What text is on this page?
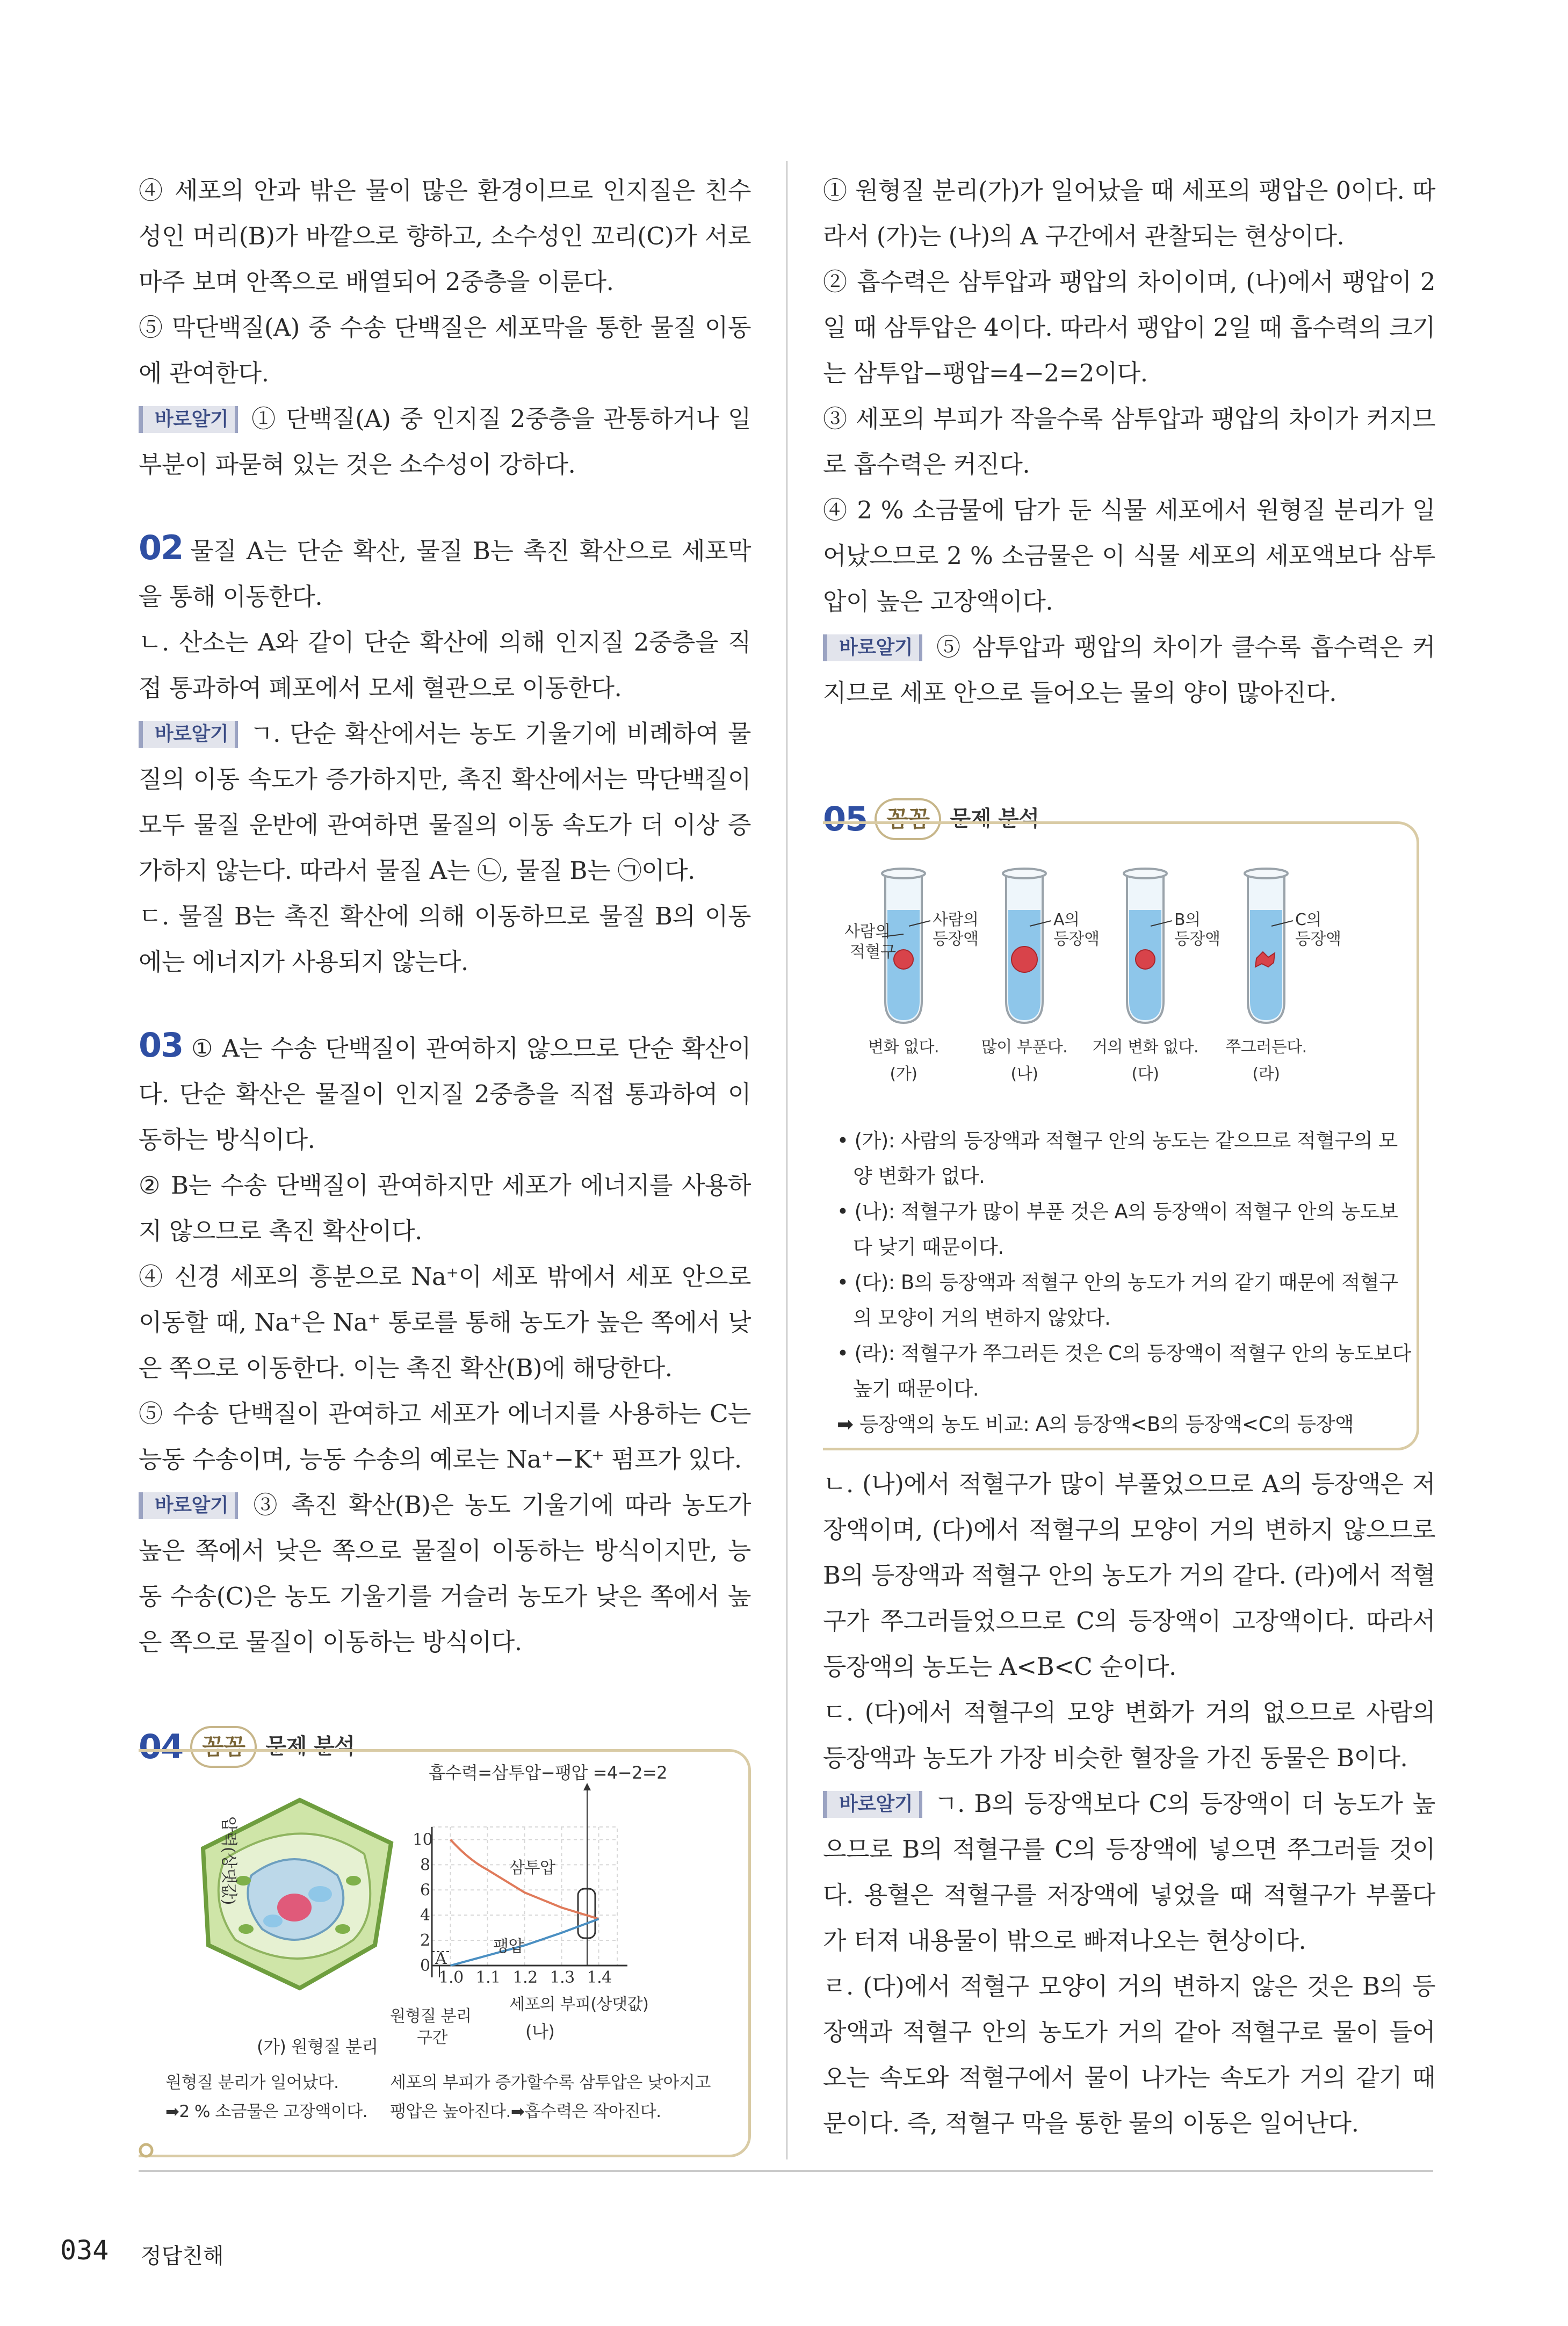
④ 세포의 안과 밖은 물이 많은 환경이므로 인지질은 친수성인 머리(B)가 바깥으로 향하고, 소수성인 꼬리(C)가 서로 마주 보며 안쪽으로 배열되어 2중층을 이룬다.

⑤ 막단백질(A) 중 수송 단백질은 세포막을 통한 물질 이동에 관여한다.

바로알기 ① 단백질(A) 중 인지질 2중층을 관통하거나 일부분이 파묻혀 있는 것은 소수성이 강하다.

02 물질 A는 단순 확산, 물질 B는 촉진 확산으로 세포막을 통해 이동한다.

ㄴ. 산소는 A와 같이 단순 확산에 의해 인지질 2중층을 직접 통과하여 폐포에서 모세 혈관으로 이동한다.

바로알기 ㄱ. 단순 확산에서는 농도 기울기에 비례하여 물질의 이동 속도가 증가하지만, 촉진 확산에서는 막단백질이 모두 물질 운반에 관여하면 물질의 이동 속도가 더 이상 증가하지 않는다. 따라서 물질 A는 ㉡, 물질 B는 ㉠이다.

ㄷ. 물질 B는 촉진 확산에 의해 이동하므로 물질 B의 이동에는 에너지가 사용되지 않는다.

03 ① A는 수송 단백질이 관여하지 않으므로 단순 확산이다. 단순 확산은 물질이 인지질 2중층을 직접 통과하여 이동하는 방식이다.

② B는 수송 단백질이 관여하지만 세포가 에너지를 사용하지 않으므로 촉진 확산이다.

④ 신경 세포의 흥분으로 Na⁺이 세포 밖에서 세포 안으로 이동할 때, Na⁺은 Na⁺ 통로를 통해 농도가 높은 쪽에서 낮은 쪽으로 이동한다. 이는 촉진 확산(B)에 해당한다.

⑤ 수송 단백질이 관여하고 세포가 에너지를 사용하는 C는 능동 수송이며, 능동 수송의 예로는 Na⁺−K⁺ 펌프가 있다.

바로알기 ③ 촉진 확산(B)은 농도 기울기에 따라 농도가 높은 쪽에서 낮은 쪽으로 물질이 이동하는 방식이지만, 능동 수송(C)은 농도 기울기를 거슬러 농도가 낮은 쪽에서 높은 쪽으로 물질이 이동하는 방식이다.

04 꼼꼼 문제 분석
(가) 원형질 분리
흡수력=삼투압−팽압 =4−2=2
1.0 1.1 1.2 1.3 1.4
0
2
4
6
8
10
삼투압
팽압
A
압력(상댓값)
세포의 부피(상댓값)
원형질 분리
구간	(나)
원형질 분리가 일어났다.
➡2 % 소금물은 고장액이다.
세포의 부피가 증가할수록 삼투압은 낮아지고
팽압은 높아진다.➡흡수력은 작아진다.

① 원형질 분리(가)가 일어났을 때 세포의 팽압은 0이다. 따라서 (가)는 (나)의 A 구간에서 관찰되는 현상이다.

② 흡수력은 삼투압과 팽압의 차이이며, (나)에서 팽압이 2일 때 삼투압은 4이다. 따라서 팽압이 2일 때 흡수력의 크기는 삼투압−팽압=4−2=2이다.

③ 세포의 부피가 작을수록 삼투압과 팽압의 차이가 커지므로 흡수력은 커진다.

④ 2 % 소금물에 담가 둔 식물 세포에서 원형질 분리가 일어났으므로 2 % 소금물은 이 식물 세포의 세포액보다 삼투압이 높은 고장액이다.

바로알기 ⑤ 삼투압과 팽압의 차이가 클수록 흡수력은 커지므로 세포 안으로 들어오는 물의 양이 많아진다.

05 꼼꼼 문제 분석
사람의 등장액
변화 없다.
(가)
A의 등장액
많이 부푼다.
(나)
B의 등장액
거의 변화 없다.
(다)
C의 등장액
쭈그러든다.
(라)
사람의 적혈구

• (가): 사람의 등장액과 적혈구 안의 농도는 같으므로 적혈구의 모양 변화가 없다.

• (나): 적혈구가 많이 부푼 것은 A의 등장액이 적혈구 안의 농도보다 낮기 때문이다.

• (다): B의 등장액과 적혈구 안의 농도가 거의 같기 때문에 적혈구의 모양이 거의 변하지 않았다.

• (라): 적혈구가 쭈그러든 것은 C의 등장액이 적혈구 안의 농도보다 높기 때문이다.

➡ 등장액의 농도 비교: A의 등장액<B의 등장액<C의 등장액

ㄴ. (나)에서 적혈구가 많이 부풀었으므로 A의 등장액은 저장액이며, (다)에서 적혈구의 모양이 거의 변하지 않으므로 B의 등장액과 적혈구 안의 농도가 거의 같다. (라)에서 적혈구가 쭈그러들었으므로 C의 등장액이 고장액이다. 따라서 등장액의 농도는 A<B<C 순이다.

ㄷ. (다)에서 적혈구의 모양 변화가 거의 없으므로 사람의 등장액과 농도가 가장 비슷한 혈장을 가진 동물은 B이다.

바로알기 ㄱ. B의 등장액보다 C의 등장액이 더 농도가 높으므로 B의 적혈구를 C의 등장액에 넣으면 쭈그러들 것이다. 용혈은 적혈구를 저장액에 넣었을 때 적혈구가 부풀다가 터져 내용물이 밖으로 빠져나오는 현상이다.

ㄹ. (다)에서 적혈구 모양이 거의 변하지 않은 것은 B의 등장액과 적혈구 안의 농도가 거의 같아 적혈구로 물이 들어오는 속도와 적혈구에서 물이 나가는 속도가 거의 같기 때문이다. 즉, 적혈구 막을 통한 물의 이동은 일어난다.

034 정답친해
